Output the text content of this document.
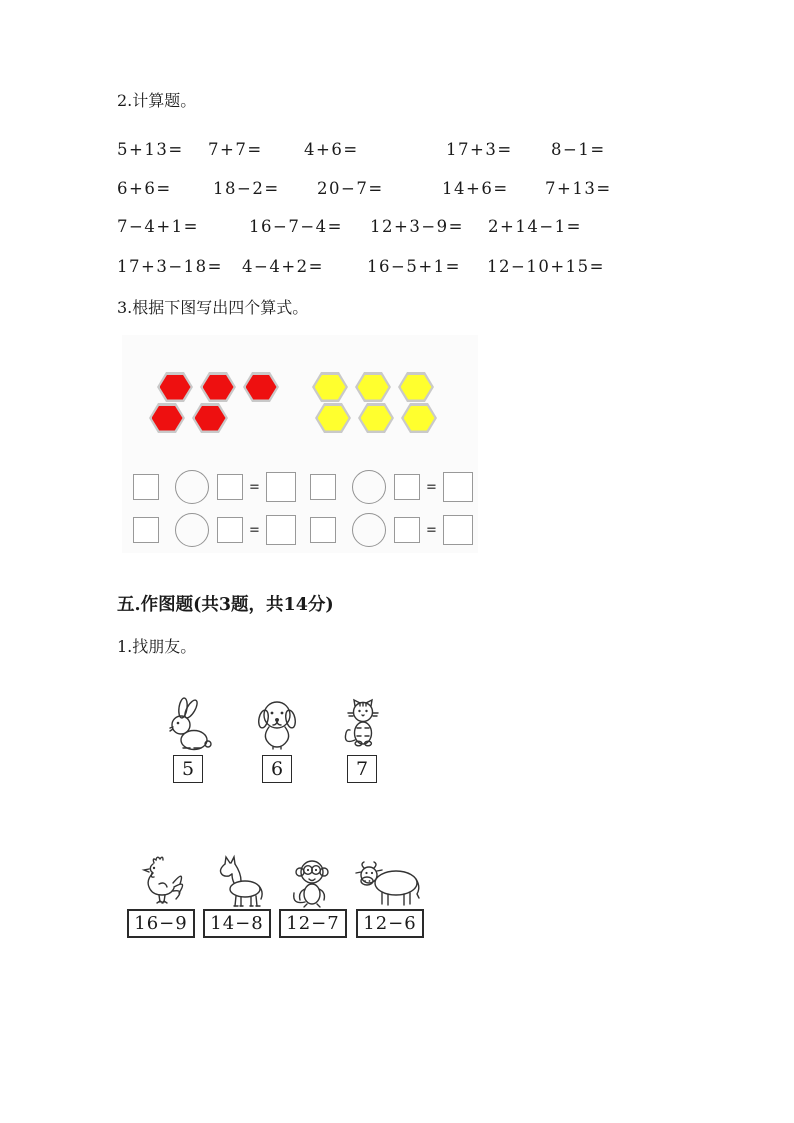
2.计算题。
5+13= 7+7=	4+6=	17+3= 8−1=
6+6=	18−2= 20−7=	14+6= 7+13=
7−4+1=	16−7−4= 12+3−9= 2+14−1=
17+3−18= 4−4+2=	16−5+1= 12−10+15=
3.根据下图写出四个算式。
=	=
=	=
五.作图题(共3题，共14分)
1.找朋友。
5	6	7
16−9	14−8	12−7	12−6
